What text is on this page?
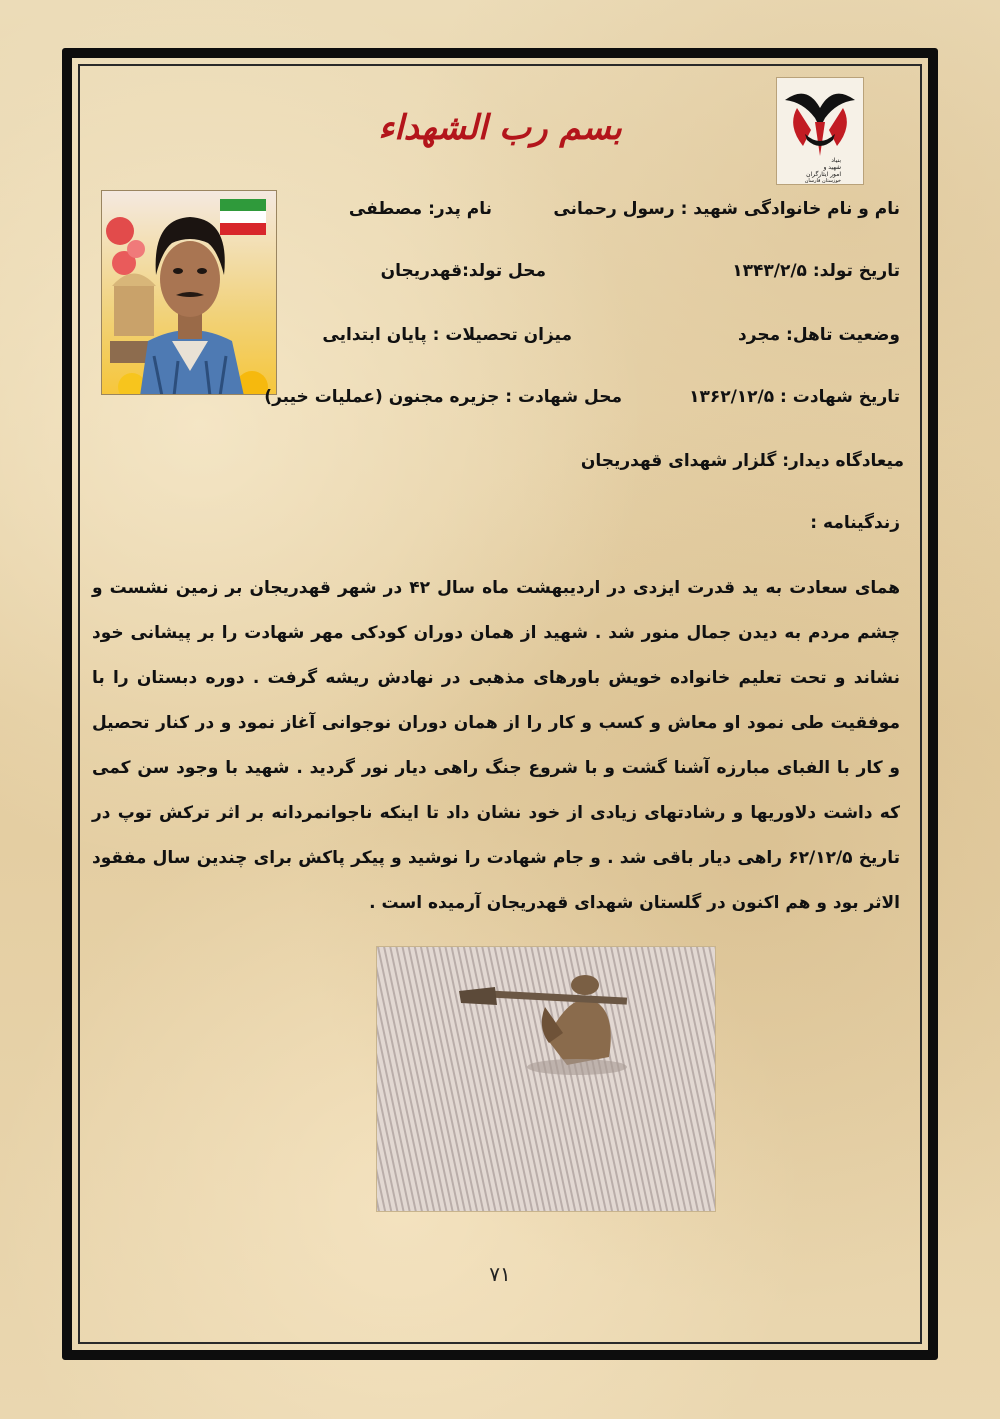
بنیاد
شهید و
امور ایثارگران
خوزستان فارسان
بسم رب الشهداء
نام و نام خانوادگی شهید : رسول رحمانی
نام پدر: مصطفی
تاریخ تولد: ۱۳۴۳/۲/۵
محل تولد:قهدریجان
وضعیت تاهل: مجرد
میزان تحصیلات : پایان ابتدایی
تاریخ شهادت : ۱۳۶۲/۱۲/۵
محل شهادت : جزیره مجنون (عملیات خیبر)
میعادگاه دیدار: گلزار شهدای قهدریجان
زندگینامه :
همای سعادت به ید قدرت ایزدی در اردیبهشت ماه سال ۴۲ در شهر قهدریجان بر زمین نشست و چشم مردم به دیدن جمال منور شد . شهید از همان دوران کودکی مهر شهادت را بر پیشانی خود نشاند و تحت تعلیم خانواده خویش باورهای مذهبی در نهادش ریشه گرفت . دوره دبستان را با موفقیت طی نمود او معاش و کسب و کار را از همان دوران نوجوانی آغاز نمود و در کنار تحصیل و کار با الفبای مبارزه آشنا گشت و با شروع جنگ راهی دیار نور گردید . شهید با وجود سن کمی که داشت دلاوریها و رشادتهای زیادی از خود نشان داد تا اینکه ناجوانمردانه بر اثر ترکش توپ در تاریخ ۶۲/۱۲/۵ راهی دیار باقی شد . و جام شهادت را نوشید و پیکر پاکش برای چندین سال مفقود الاثر بود و هم اکنون در گلستان شهدای قهدریجان آرمیده است .
۷۱
